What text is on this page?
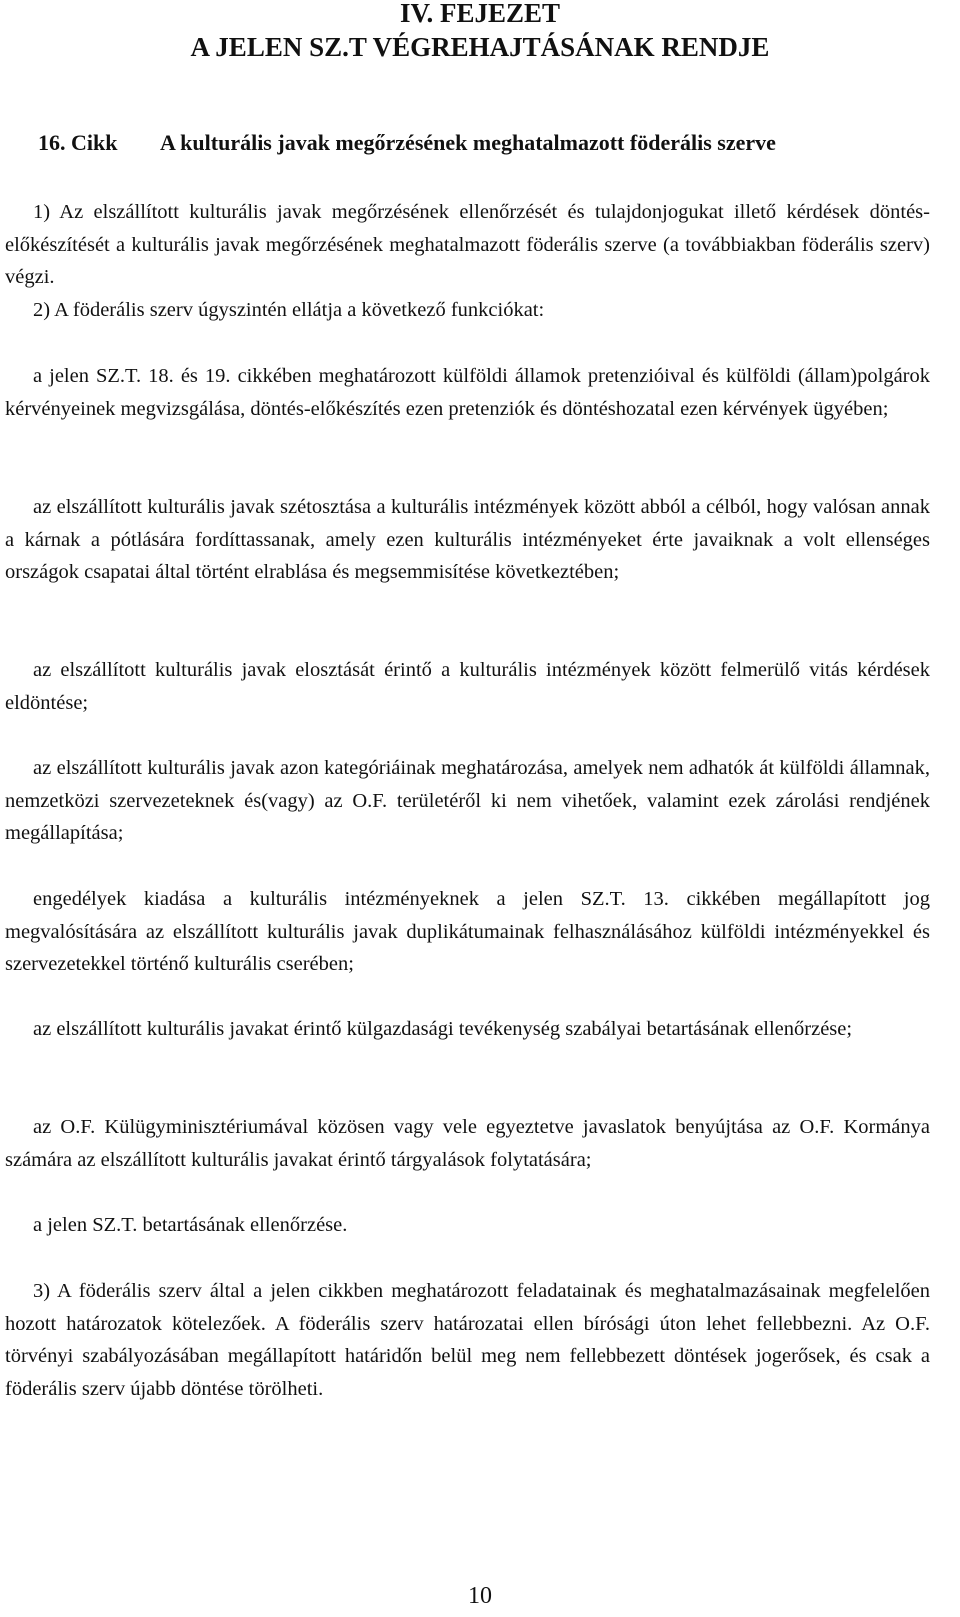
IV. FEJEZET
A JELEN SZ.T VÉGREHAJTÁSÁNAK RENDJE
16. Cikk A kulturális javak megőrzésének meghatalmazott föderális szerve

1) Az elszállított kulturális javak megőrzésének ellenőrzését és tulajdonjogukat illető kérdések döntés-előkészítését a kulturális javak megőrzésének meghatalmazott föderális szerve (a továbbiakban föderális szerv) végzi.

2) A föderális szerv úgyszintén ellátja a következő funkciókat:

a jelen SZ.T. 18. és 19. cikkében meghatározott külföldi államok pretenzióival és külföldi (állam)polgárok kérvényeinek megvizsgálása, döntés-előkészítés ezen pretenziók és döntéshozatal ezen kérvények ügyében;

az elszállított kulturális javak szétosztása a kulturális intézmények között abból a célból, hogy valósan annak a kárnak a pótlására fordíttassanak, amely ezen kulturális intézményeket érte javaiknak a volt ellenséges országok csapatai által történt elrablása és megsemmisítése következtében;

az elszállított kulturális javak elosztását érintő a kulturális intézmények között felmerülő vitás kérdések eldöntése;

az elszállított kulturális javak azon kategóriáinak meghatározása, amelyek nem adhatók át külföldi államnak, nemzetközi szervezeteknek és(vagy) az O.F. területéről ki nem vihetőek, valamint ezek zárolási rendjének megállapítása;

engedélyek kiadása a kulturális intézményeknek a jelen SZ.T. 13. cikkében megállapított jog megvalósítására az elszállított kulturális javak duplikátumainak felhasználásához külföldi intézményekkel és szervezetekkel történő kulturális cserében;

az elszállított kulturális javakat érintő külgazdasági tevékenység szabályai betartásának ellenőrzése;

az O.F. Külügyminisztériumával közösen vagy vele egyeztetve javaslatok benyújtása az O.F. Kormánya számára az elszállított kulturális javakat érintő tárgyalások folytatására;

a jelen SZ.T. betartásának ellenőrzése.

3) A föderális szerv által a jelen cikkben meghatározott feladatainak és meghatalmazásainak megfelelően hozott határozatok kötelezőek. A föderális szerv határozatai ellen bírósági úton lehet fellebbezni. Az O.F. törvényi szabályozásában megállapított határidőn belül meg nem fellebbezett döntések jogerősek, és csak a föderális szerv újabb döntése törölheti.

10
